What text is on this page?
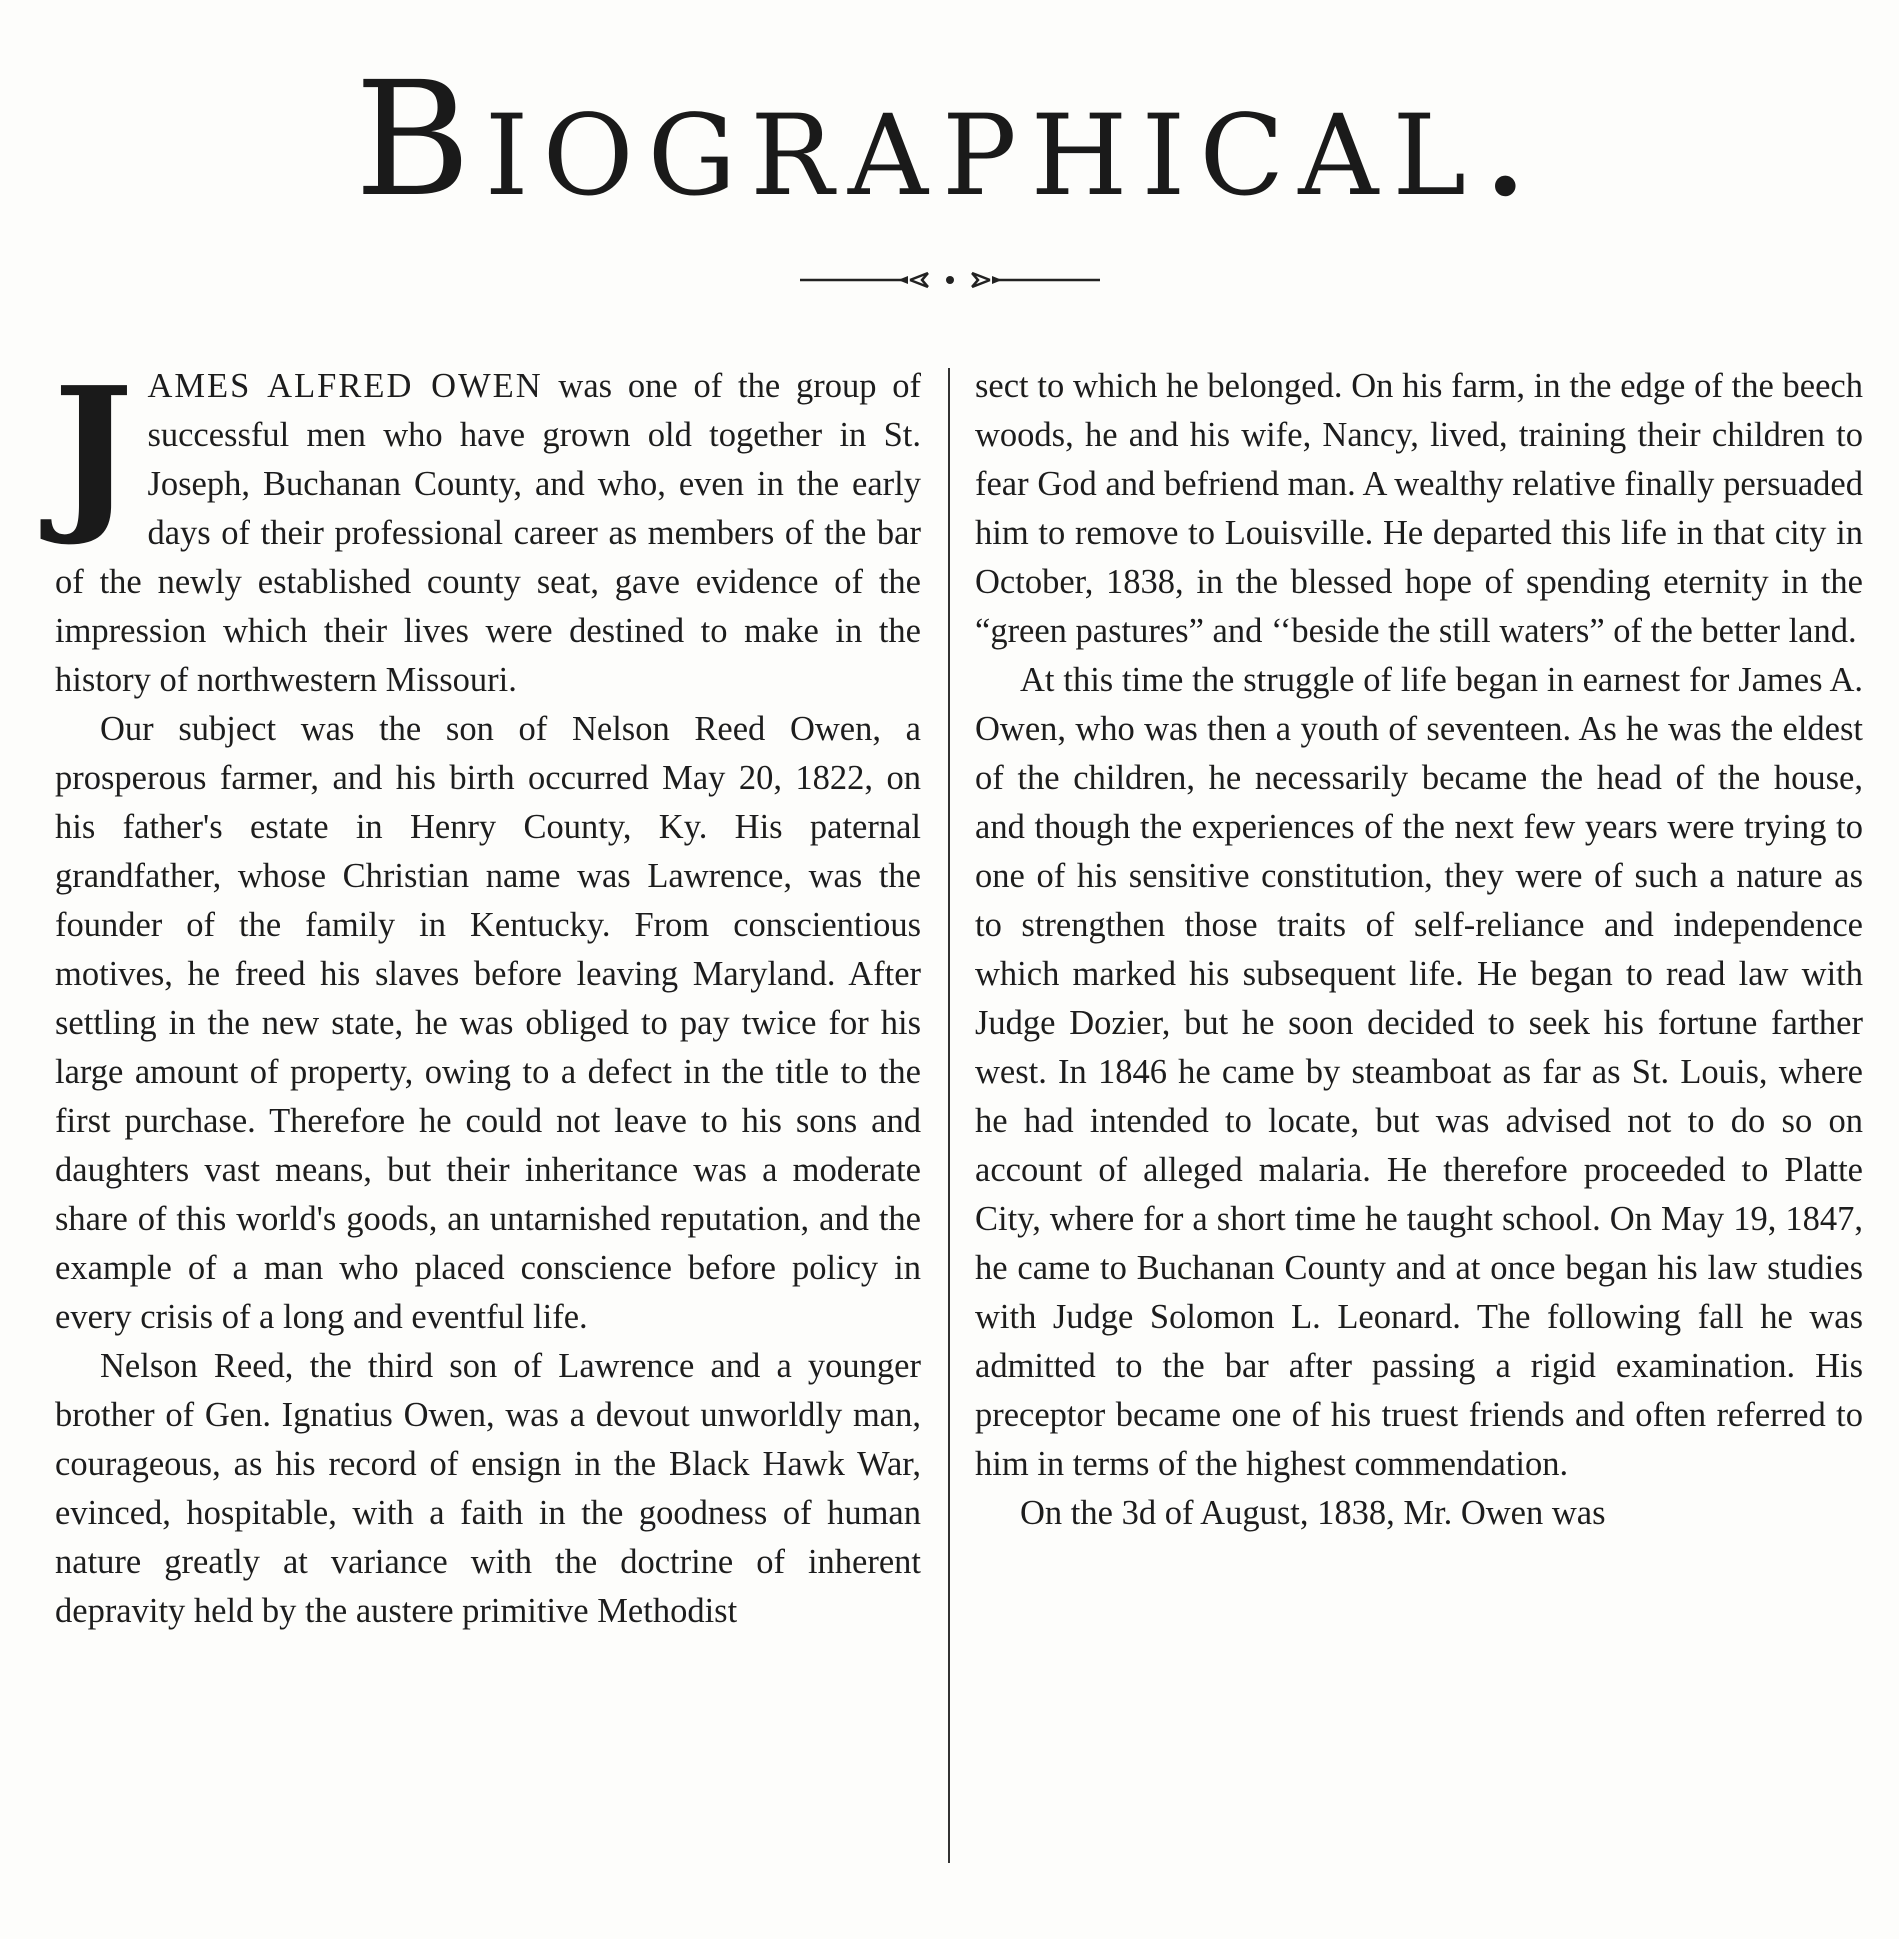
Biographical.

JAMES ALFRED OWEN was one of the group of successful men who have grown old together in St. Joseph, Buchanan County, and who, even in the early days of their professional career as members of the bar of the newly established county seat, gave evidence of the impression which their lives were destined to make in the history of northwestern Missouri.

Our subject was the son of Nelson Reed Owen, a prosperous farmer, and his birth occurred May 20, 1822, on his father's estate in Henry County, Ky. His paternal grandfather, whose Christian name was Lawrence, was the founder of the family in Kentucky. From conscientious motives, he freed his slaves before leaving Maryland. After settling in the new state, he was obliged to pay twice for his large amount of property, owing to a defect in the title to the first purchase. Therefore he could not leave to his sons and daughters vast means, but their inheritance was a moderate share of this world's goods, an untarnished reputation, and the example of a man who placed conscience before policy in every crisis of a long and eventful life.

Nelson Reed, the third son of Lawrence and a younger brother of Gen. Ignatius Owen, was a devout unworldly man, courageous, as his record of ensign in the Black Hawk War, evinced, hospitable, with a faith in the goodness of human nature greatly at variance with the doctrine of inherent depravity held by the austere primitive Methodist

sect to which he belonged. On his farm, in the edge of the beech woods, he and his wife, Nancy, lived, training their children to fear God and befriend man. A wealthy relative finally persuaded him to remove to Louisville. He departed this life in that city in October, 1838, in the blessed hope of spending eternity in the “green pastures” and ‘‘beside the still waters” of the better land.

At this time the struggle of life began in earnest for James A. Owen, who was then a youth of seventeen. As he was the eldest of the children, he necessarily became the head of the house, and though the experiences of the next few years were trying to one of his sensitive constitution, they were of such a nature as to strengthen those traits of self-reliance and independence which marked his subsequent life. He began to read law with Judge Dozier, but he soon decided to seek his fortune farther west. In 1846 he came by steamboat as far as St. Louis, where he had intended to locate, but was advised not to do so on account of alleged malaria. He therefore proceeded to Platte City, where for a short time he taught school. On May 19, 1847, he came to Buchanan County and at once began his law studies with Judge Solomon L. Leonard. The following fall he was admitted to the bar after passing a rigid examination. His preceptor became one of his truest friends and often referred to him in terms of the highest commendation.

On the 3d of August, 1838, Mr. Owen was
